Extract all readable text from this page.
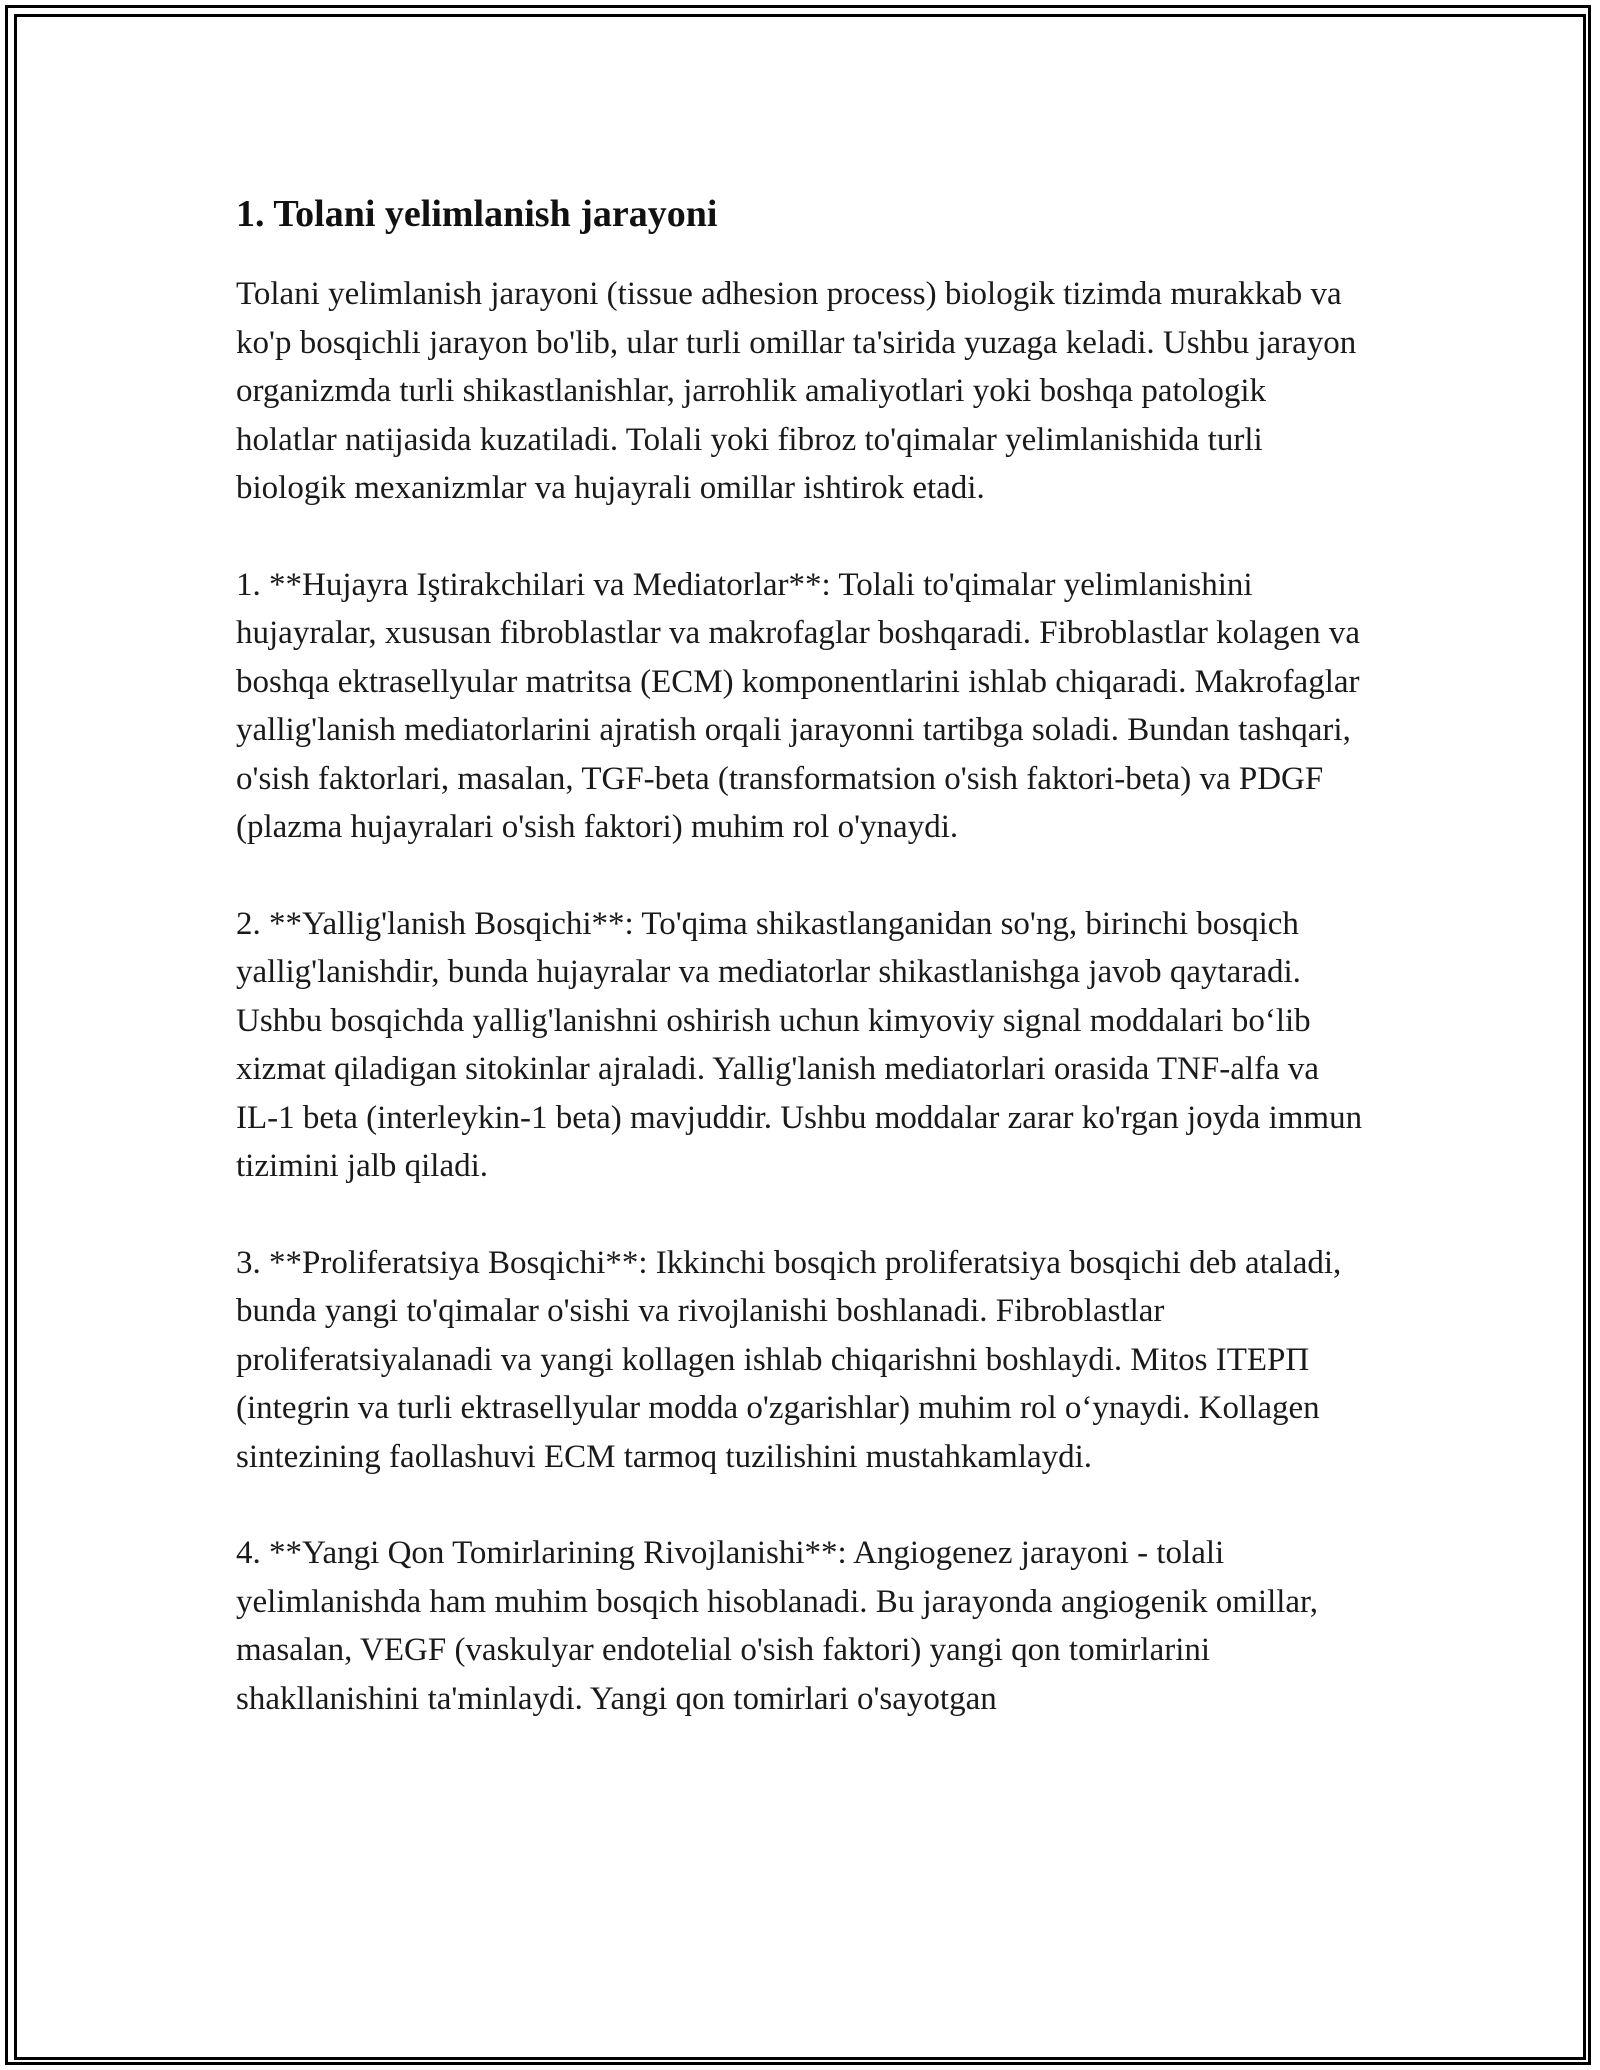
1. Tolani yelimlanish jarayoni

Tolani yelimlanish jarayoni (tissue adhesion process) biologik tizimda murakkab va ko'p bosqichli jarayon bo'lib, ular turli omillar ta'sirida yuzaga keladi. Ushbu jarayon organizmda turli shikastlanishlar, jarrohlik amaliyotlari yoki boshqa patologik holatlar natijasida kuzatiladi. Tolali yoki fibroz to'qimalar yelimlanishida turli biologik mexanizmlar va hujayrali omillar ishtirok etadi.

1. **Hujayra Iştirakchilari va Mediatorlar**: Tolali to'qimalar yelimlanishini hujayralar, xususan fibroblastlar va makrofaglar boshqaradi. Fibroblastlar kolagen va boshqa ektrasellyular matritsa (ECM) komponentlarini ishlab chiqaradi. Makrofaglar yallig'lanish mediatorlarini ajratish orqali jarayonni tartibga soladi. Bundan tashqari, o'sish faktorlari, masalan, TGF-beta (transformatsion o'sish faktori-beta) va PDGF (plazma hujayralari o'sish faktori) muhim rol o'ynaydi.

2. **Yallig'lanish Bosqichi**: To'qima shikastlanganidan so'ng, birinchi bosqich yallig'lanishdir, bunda hujayralar va mediatorlar shikastlanishga javob qaytaradi. Ushbu bosqichda yallig'lanishni oshirish uchun kimyoviy signal moddalari bo‘lib xizmat qiladigan sitokinlar ajraladi. Yallig'lanish mediatorlari orasida TNF-alfa va IL-1 beta (interleykin-1 beta) mavjuddir. Ushbu moddalar zarar ko'rgan joyda immun tizimini jalb qiladi.

3. **Proliferatsiya Bosqichi**: Ikkinchi bosqich proliferatsiya bosqichi deb ataladi, bunda yangi to'qimalar o'sishi va rivojlanishi boshlanadi. Fibroblastlar proliferatsiyalanadi va yangi kollagen ishlab chiqarishni boshlaydi. Mitos ITEPП (integrin va turli ektrasellyular modda o'zgarishlar) muhim rol o‘ynaydi. Kollagen sintezining faollashuvi ECM tarmoq tuzilishini mustahkamlaydi.

4. **Yangi Qon Tomirlarining Rivojlanishi**: Angiogenez jarayoni - tolali yelimlanishda ham muhim bosqich hisoblanadi. Bu jarayonda angiogenik omillar, masalan, VEGF (vaskulyar endotelial o'sish faktori) yangi qon tomirlarini shakllanishini ta'minlaydi. Yangi qon tomirlari o'sayotgan
